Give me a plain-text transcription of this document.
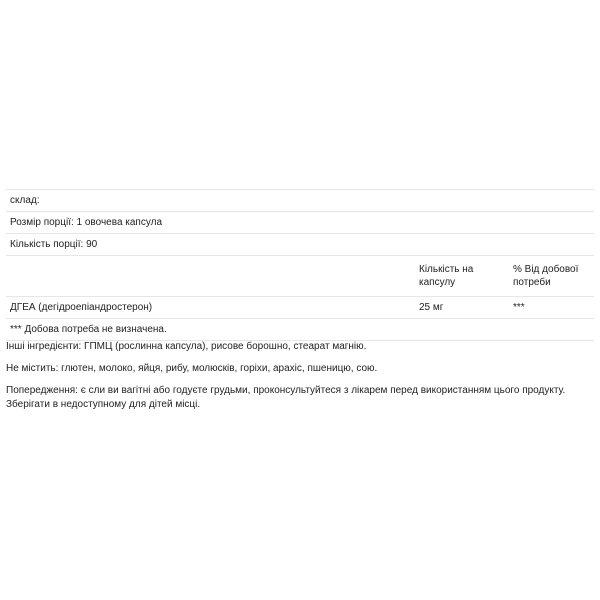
склад:		
Розмір порції: 1 овочева капсула		
Кількість порції: 90		
	Кількість на капсулу	% Від добової потреби
ДГЕА (дегідроепіандростерон)	25 мг	***
*** Добова потреба не визначена.		

Інші інгредієнти: ГПМЦ (рослинна капсула), рисове борошно, стеарат магнію.

Не містить: глютен, молоко, яйця, рибу, молюсків, горіхи, арахіс, пшеницю, сою.

Попередження: є сли ви вагітні або годуєте грудьми, проконсультуйтеся з лікарем перед використанням цього продукту.

Зберігати в недоступному для дітей місці.
